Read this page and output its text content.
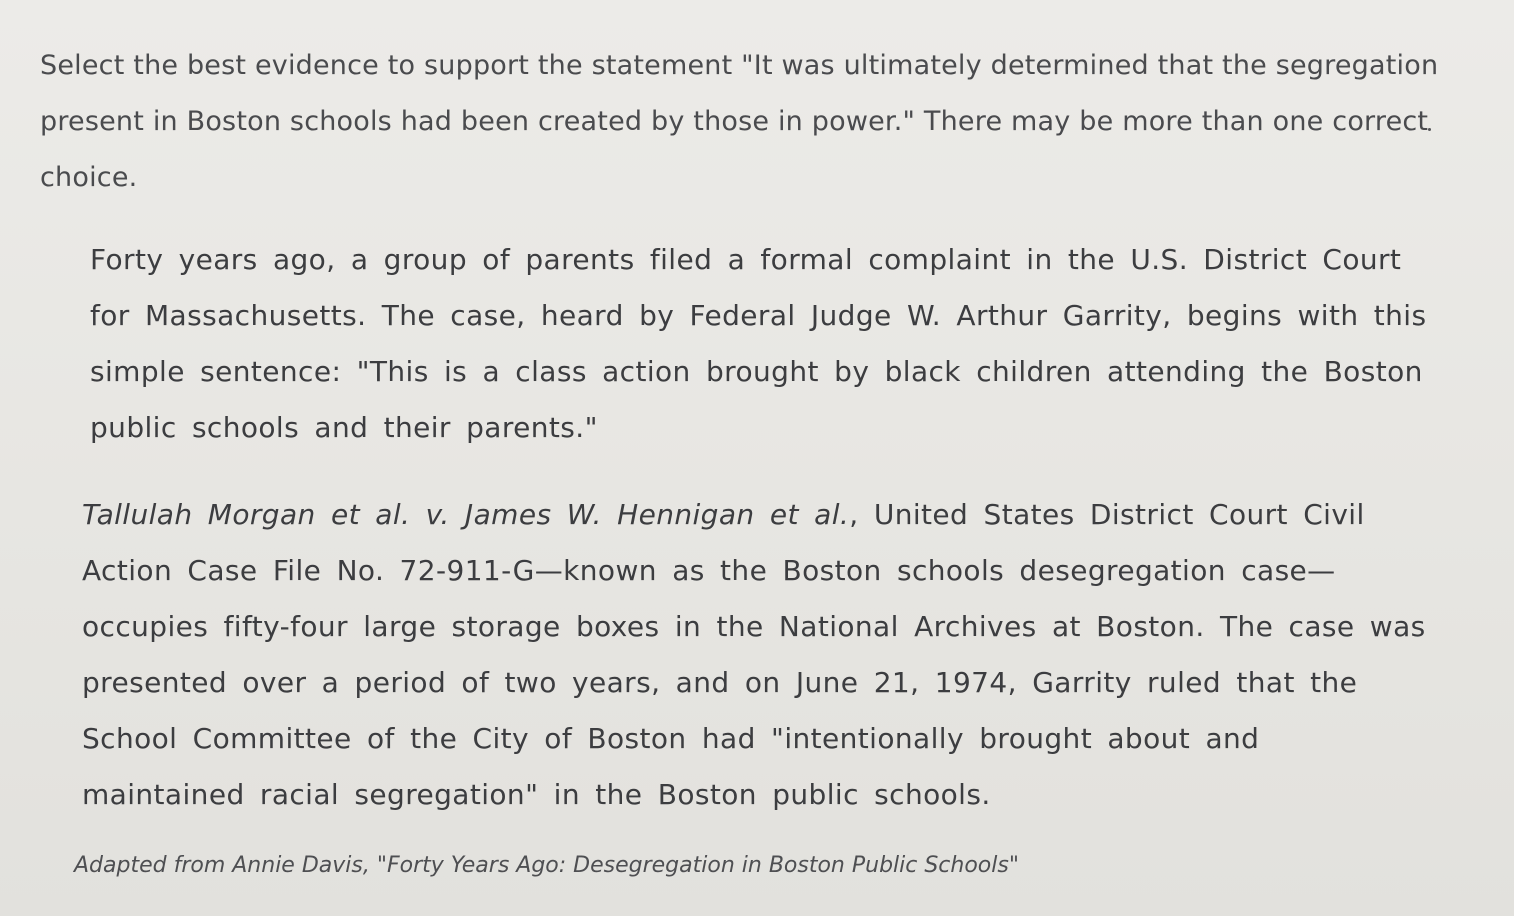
Select the best evidence to support the statement "It was ultimately determined that the segregation present in Boston schools had been created by those in power." There may be more than one correct choice.
Forty years ago, a group of parents filed a formal complaint in the U.S. District Court for Massachusetts. The case, heard by Federal Judge W. Arthur Garrity, begins with this simple sentence: "This is a class action brought by black children attending the Boston public schools and their parents."
Tallulah Morgan et al. v. James W. Hennigan et al., United States District Court Civil Action Case File No. 72-911-G—known as the Boston schools desegregation case—occupies fifty-four large storage boxes in the National Archives at Boston. The case was presented over a period of two years, and on June 21, 1974, Garrity ruled that the School Committee of the City of Boston had "intentionally brought about and maintained racial segregation" in the Boston public schools.
Adapted from Annie Davis, "Forty Years Ago: Desegregation in Boston Public Schools"
